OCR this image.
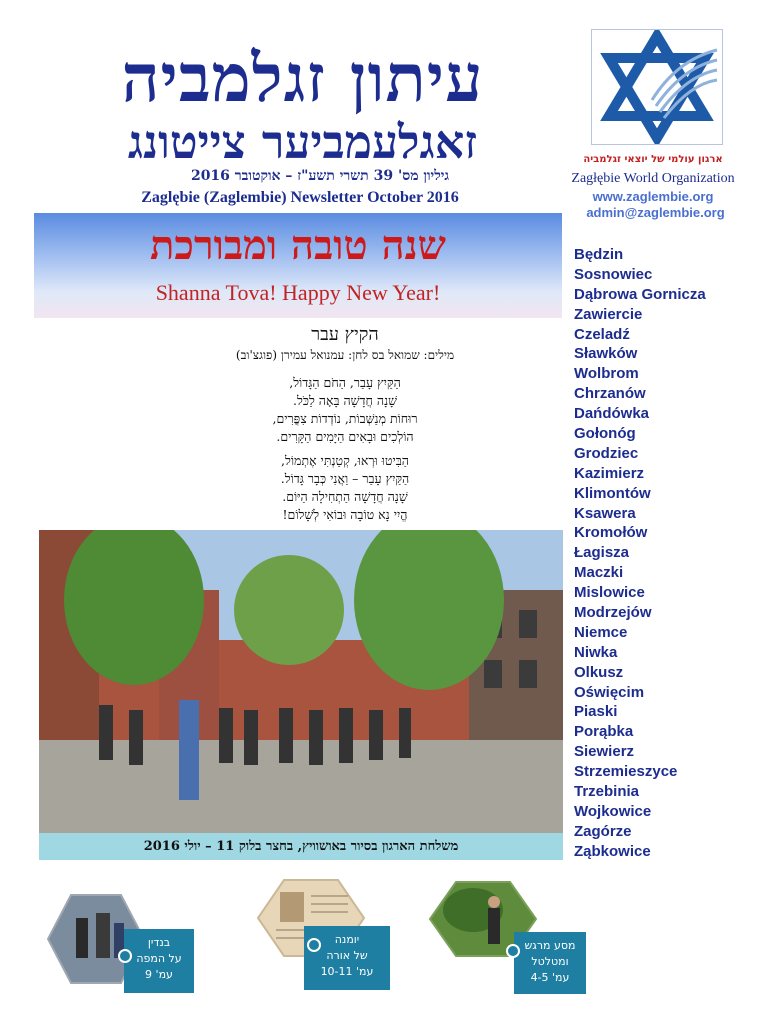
עיתון זגלמביה
זאגלעמביער צייטונג
גיליון מס' 39 תשרי תשע"ז – אוקטובר 2016
Zaglębie (Zaglembie) Newsletter October 2016
ארגון עולמי של יוצאי זגלמביה
Zagłębie World Organization
www.zaglembie.org
admin@zaglembie.org
שנה טובה ומבורכת
Shanna Tova! Happy New Year!
הקיץ עבר
מילים: שמואל בס לחן: עמנואל עמירן (פוגצ'וב)
הַקַּיִץ עָבַר, הַחֹם הַגָּדוֹל,
שָׁנָה חֲדָשָׁה בָּאָה לַכֹּל.
רוּחוֹת מְנַשְּׁבוֹת, נוֹדְדוֹת צִפֳּרִים,
הוֹלְכִים וּבָאִים הַיָּמִים הַקָּרִים.
הַבִּיטוּ וּרְאוּ, קְטַנְתִּי אֶתְמוֹל,
הַקַּיִץ עָבַר – וַאֲנִי כְּבָר גָּדוֹל.
שָׁנָה חֲדָשָׁה הַתְחִילָה הַיּוֹם.
הֱיִי נָא טוֹבָה וּבוֹאִי לְשָׁלוֹם!
משלחת הארגון בסיור באושוויץ, בחצר בלוק 11 – יולי 2016
Będzin
Sosnowiec
Dąbrowa Gornicza
Zawiercie
Czeladź
Sławków
Wolbrom
Chrzanów
Dańdówka
Gołonóg
Grodziec
Kazimierz
Klimontów
Ksawera
Kromołów
Łagisza
Maczki
Mislowice
Modrzejów
Niemce
Niwka
Olkusz
Oświęcim
Piaski
Porąbka
Siewierz
Strzemieszyce
Trzebinia
Wojkowice
Zagórze
Ząbkowice
בנדין
על המפה
עמ' 9
יומנה
של אורה
עמ' 10-11
מסע מרגש
ומטלטל
עמ' 4-5
